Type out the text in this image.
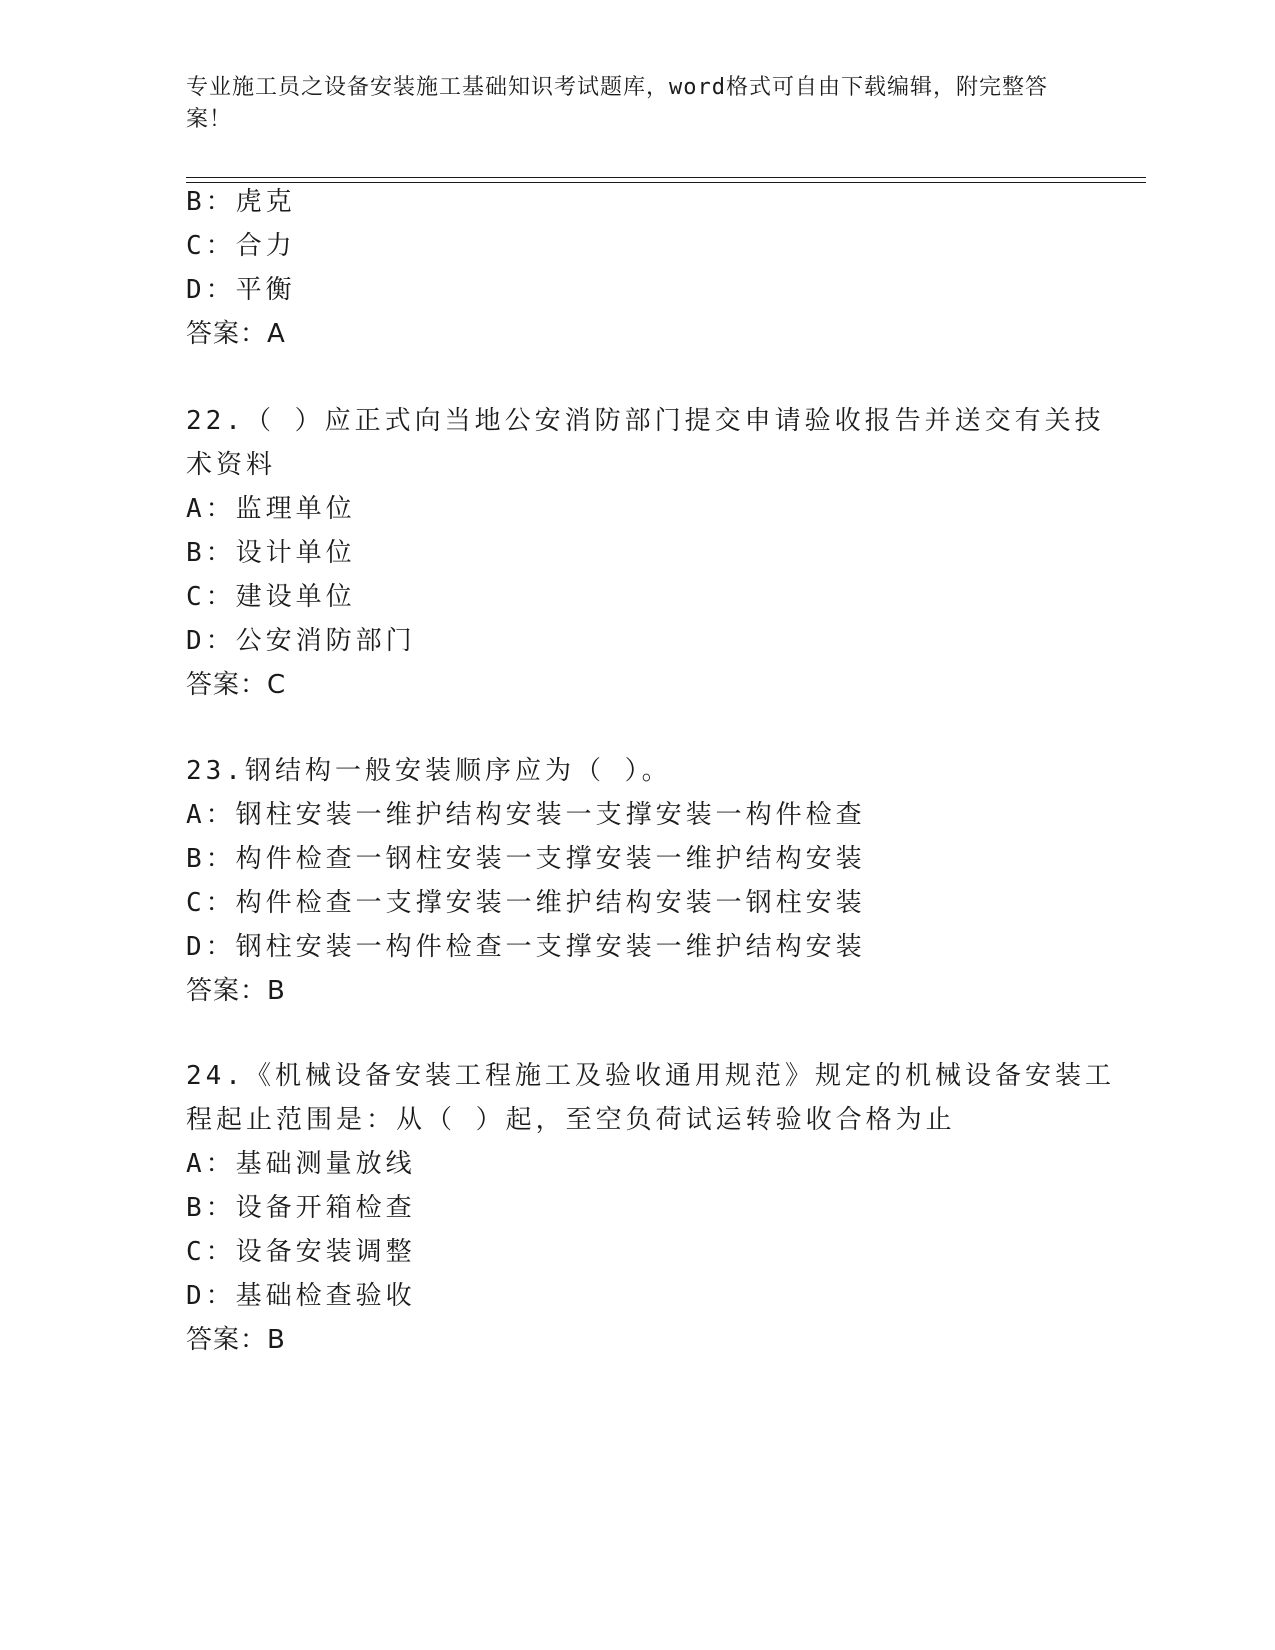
专业施工员之设备安装施工基础知识考试题库，word格式可自由下载编辑，附完整答案！
B：虎克
C：合力
D：平衡
答案：A
22.（ ）应正式向当地公安消防部门提交申请验收报告并送交有关技
术资料
A：监理单位
B：设计单位
C：建设单位
D：公安消防部门
答案：C
23.钢结构一般安装顺序应为（ ）。
A：钢柱安装一维护结构安装一支撑安装一构件检查
B：构件检查一钢柱安装一支撑安装一维护结构安装
C：构件检查一支撑安装一维护结构安装一钢柱安装
D：钢柱安装一构件检查一支撑安装一维护结构安装
答案：B
24.《机械设备安装工程施工及验收通用规范》规定的机械设备安装工
程起止范围是：从（ ）起，至空负荷试运转验收合格为止
A：基础测量放线
B：设备开箱检查
C：设备安装调整
D：基础检查验收
答案：B
